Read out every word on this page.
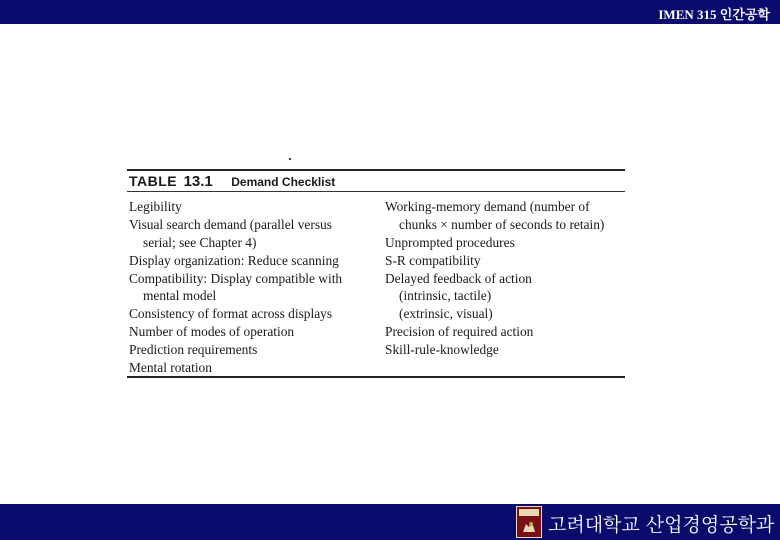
IMEN 315 인간공학
TABLE 13.1 Demand Checklist
Legibility
Visual search demand (parallel versus
serial; see Chapter 4)
Display organization: Reduce scanning
Compatibility: Display compatible with
mental model
Consistency of format across displays
Number of modes of operation
Prediction requirements
Mental rotation
Working-memory demand (number of
chunks × number of seconds to retain)
Unprompted procedures
S-R compatibility
Delayed feedback of action
(intrinsic, tactile)
(extrinsic, visual)
Precision of required action
Skill-rule-knowledge
고려대학교 산업경영공학과
